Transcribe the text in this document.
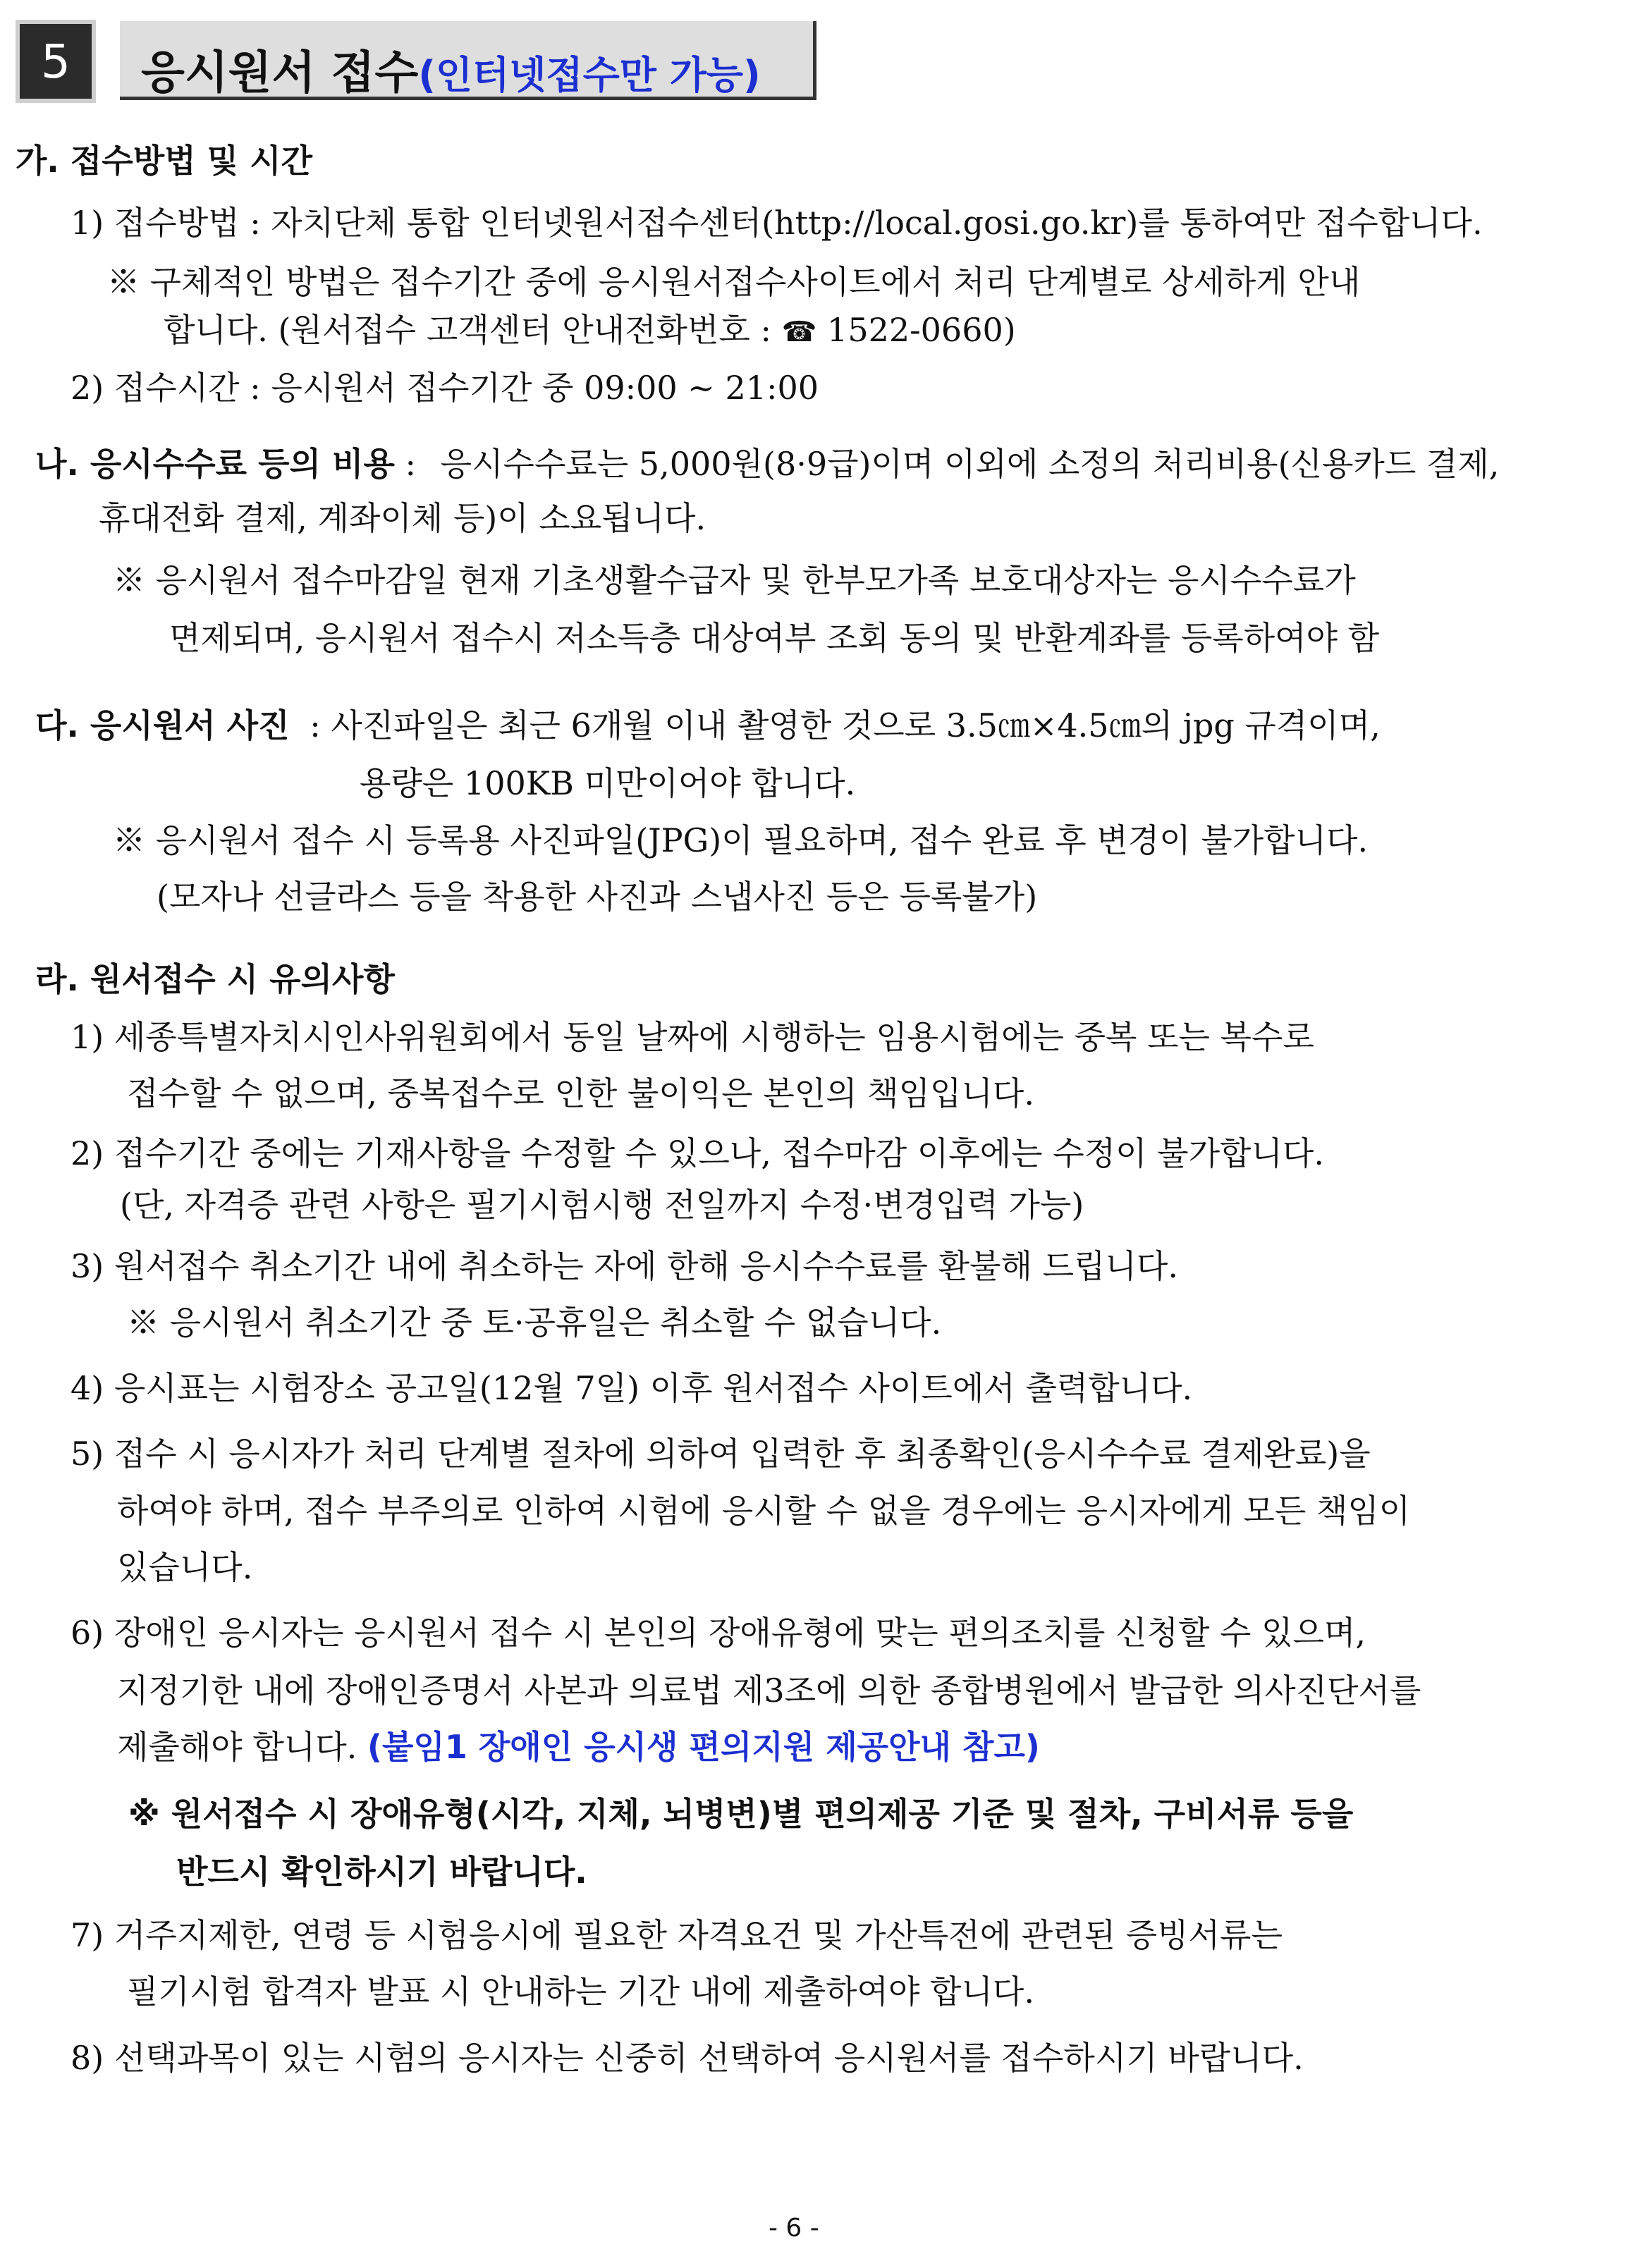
5 응시원서 접수(인터넷접수만 가능)
가. 접수방법 및 시간
1) 접수방법 : 자치단체 통합 인터넷원서접수센터(http://local.gosi.go.kr)를 통하여만 접수합니다.
※ 구체적인 방법은 접수기간 중에 응시원서접수사이트에서 처리 단계별로 상세하게 안내
합니다. (원서접수 고객센터 안내전화번호 : ☎ 1522-0660)
2) 접수시간 : 응시원서 접수기간 중 09:00 ~ 21:00
나. 응시수수료 등의 비용 : 응시수수료는 5,000원(8·9급)이며 이외에 소정의 처리비용(신용카드 결제,
휴대전화 결제, 계좌이체 등)이 소요됩니다.
※ 응시원서 접수마감일 현재 기초생활수급자 및 한부모가족 보호대상자는 응시수수료가
면제되며, 응시원서 접수시 저소득층 대상여부 조회 동의 및 반환계좌를 등록하여야 함
다. 응시원서 사진 : 사진파일은 최근 6개월 이내 촬영한 것으로 3.5㎝×4.5㎝의 jpg 규격이며,
용량은 100KB 미만이어야 합니다.
※ 응시원서 접수 시 등록용 사진파일(JPG)이 필요하며, 접수 완료 후 변경이 불가합니다.
(모자나 선글라스 등을 착용한 사진과 스냅사진 등은 등록불가)
라. 원서접수 시 유의사항
1) 세종특별자치시인사위원회에서 동일 날짜에 시행하는 임용시험에는 중복 또는 복수로
접수할 수 없으며, 중복접수로 인한 불이익은 본인의 책임입니다.
2) 접수기간 중에는 기재사항을 수정할 수 있으나, 접수마감 이후에는 수정이 불가합니다.
(단, 자격증 관련 사항은 필기시험시행 전일까지 수정·변경입력 가능)
3) 원서접수 취소기간 내에 취소하는 자에 한해 응시수수료를 환불해 드립니다.
※ 응시원서 취소기간 중 토·공휴일은 취소할 수 없습니다.
4) 응시표는 시험장소 공고일(12월 7일) 이후 원서접수 사이트에서 출력합니다.
5) 접수 시 응시자가 처리 단계별 절차에 의하여 입력한 후 최종확인(응시수수료 결제완료)을
하여야 하며, 접수 부주의로 인하여 시험에 응시할 수 없을 경우에는 응시자에게 모든 책임이
있습니다.
6) 장애인 응시자는 응시원서 접수 시 본인의 장애유형에 맞는 편의조치를 신청할 수 있으며,
지정기한 내에 장애인증명서 사본과 의료법 제3조에 의한 종합병원에서 발급한 의사진단서를
제출해야 합니다. (붙임1 장애인 응시생 편의지원 제공안내 참고)
※ 원서접수 시 장애유형(시각, 지체, 뇌병변)별 편의제공 기준 및 절차, 구비서류 등을
반드시 확인하시기 바랍니다.
7) 거주지제한, 연령 등 시험응시에 필요한 자격요건 및 가산특전에 관련된 증빙서류는
필기시험 합격자 발표 시 안내하는 기간 내에 제출하여야 합니다.
8) 선택과목이 있는 시험의 응시자는 신중히 선택하여 응시원서를 접수하시기 바랍니다.
- 6 -
